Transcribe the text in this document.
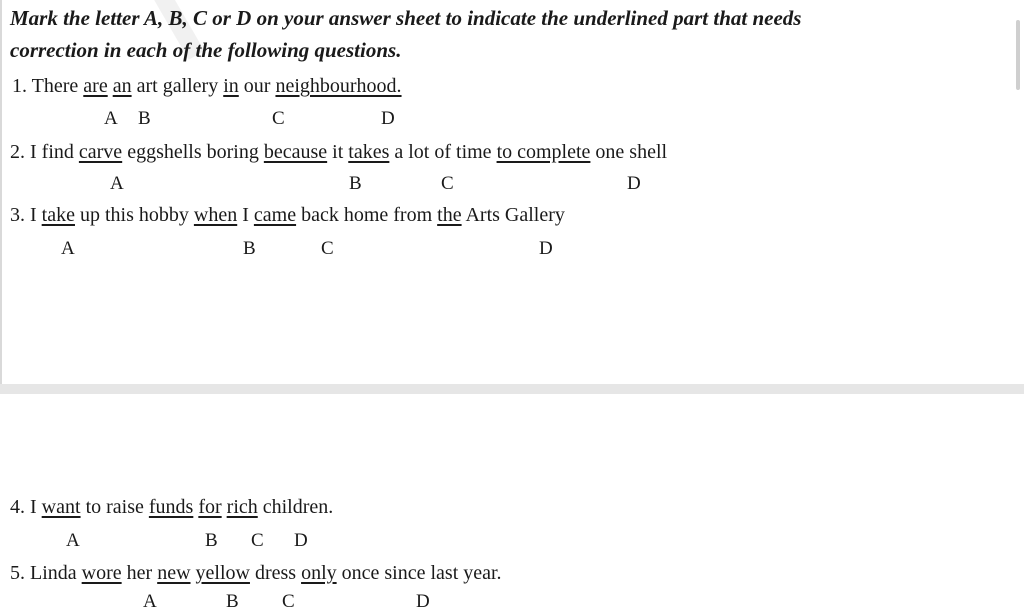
Mark the letter A, B, C or D on your answer sheet to indicate the underlined part that needs
correction in each of the following questions.
1. There are an art gallery in our neighbourhood.
A B	C	D
2. I find carve eggshells boring because it takes a lot of time to complete one shell
A	B	C	D
3. I take up this hobby when I came back home from the Arts Gallery
A	B	C	D
4. I want to raise funds for rich children.
A	B C D
5. Linda wore her new yellow dress only once since last year.
A	B C	D
